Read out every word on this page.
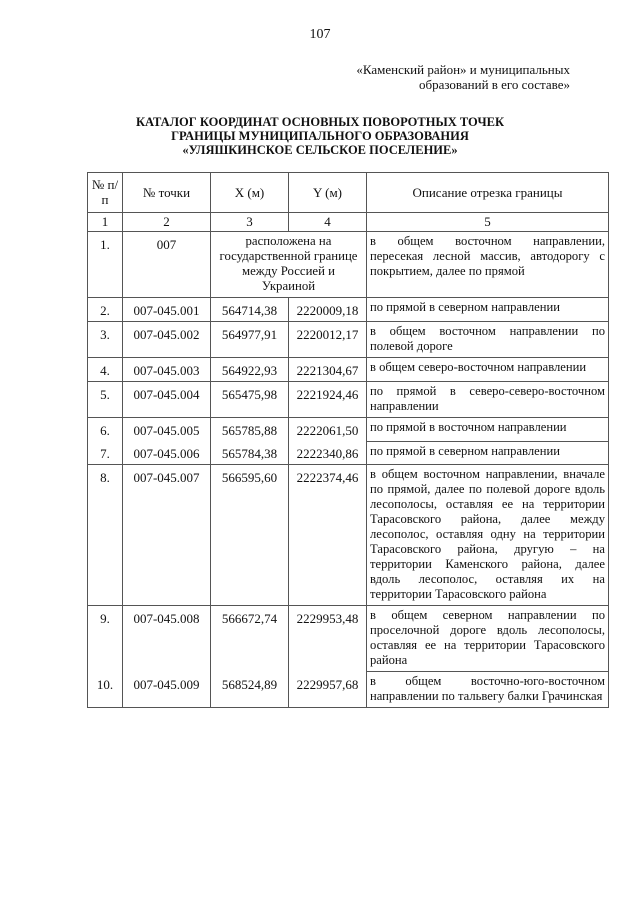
107
«Каменский район» и муниципальных
образований в его составе»
КАТАЛОГ КООРДИНАТ ОСНОВНЫХ ПОВОРОТНЫХ ТОЧЕК
ГРАНИЦЫ МУНИЦИПАЛЬНОГО ОБРАЗОВАНИЯ
«УЛЯШКИНСКОЕ СЕЛЬСКОЕ ПОСЕЛЕНИЕ»
№ п/п	№ точки	X (м)	Y (м)	Описание отрезка границы
1	2	3	4	5
1.	007	расположена на государственной границе между Россией и Украиной		в общем восточном направлении, пересекая лесной массив, автодорогу с покрытием, далее по прямой
2.	007-045.001	564714,38	2220009,18	по прямой в северном направлении
3.	007-045.002	564977,91	2220012,17	в общем восточном направлении по полевой дороге
4.	007-045.003	564922,93	2221304,67	в общем северо-восточном направлении
5.	007-045.004	565475,98	2221924,46	по прямой в северо-северо-восточном направлении
6.	007-045.005	565785,88	2222061,50	по прямой в восточном направлении
7.	007-045.006	565784,38	2222340,86	по прямой в северном направлении
8.	007-045.007	566595,60	2222374,46	в общем восточном направлении, вначале по прямой, далее по полевой дороге вдоль лесополосы, оставляя ее на территории Тарасовского района, далее между лесополос, оставляя одну на территории Тарасовского района, другую – на территории Каменского района, далее вдоль лесополос, оставляя их на территории Тарасовского района
9.	007-045.008	566672,74	2229953,48	в общем северном направлении по проселочной дороге вдоль лесополосы, оставляя ее на территории Тарасовского района
10.	007-045.009	568524,89	2229957,68	в общем восточно-юго-восточном направлении по тальвегу балки Грачинская
